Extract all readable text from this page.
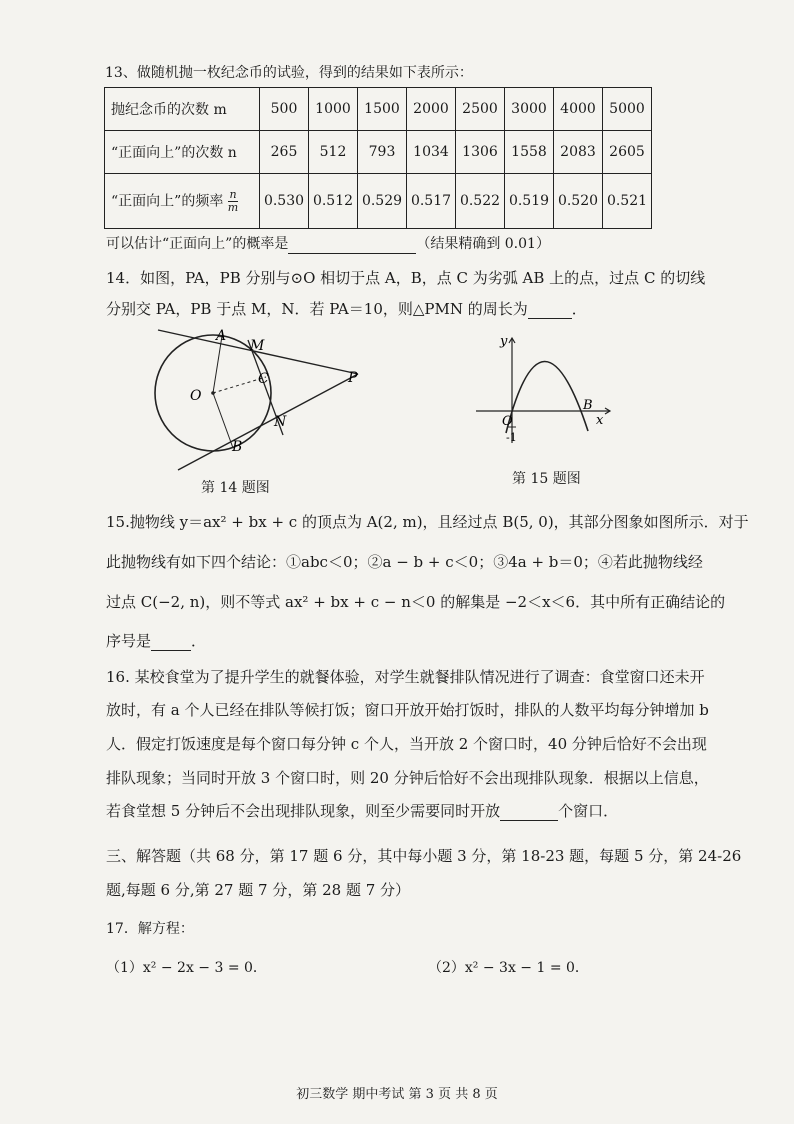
13、做随机抛一枚纪念币的试验，得到的结果如下表所示：
抛纪念币的次数 m	500	1000	1500	2000	2500	3000	4000	5000
“正面向上”的次数 n	265	512	793	1034	1306	1558	2083	2605
“正面向上”的频率 $\frac{n}{m}$	0.530	0.512	0.529	0.517	0.522	0.519	0.520	0.521
可以估计“正面向上”的概率是	（结果精确到 0.01）
14．如图，PA，PB 分别与⊙O 相切于点 A，B，点 C 为劣弧 AB 上的点，过点 C 的切线
分别交 PA，PB 于点 M，N．若 PA＝10，则△PMN 的周长为	．
A
M
O
C	P
N
B
第 14 题图
y
O
B
x
-1
第 15 题图
15.抛物线 y＝ax² + bx + c 的顶点为 A(2, m)，且经过点 B(5, 0)，其部分图象如图所示．对于
此抛物线有如下四个结论：①abc＜0；②a − b + c＜0；③4a + b＝0；④若此抛物线经
过点 C(−2, n)，则不等式 ax² + bx + c − n＜0 的解集是 −2＜x＜6．其中所有正确结论的
序号是	．
16. 某校食堂为了提升学生的就餐体验，对学生就餐排队情况进行了调查：食堂窗口还未开
放时，有 a 个人已经在排队等候打饭；窗口开放开始打饭时，排队的人数平均每分钟增加 b
人．假定打饭速度是每个窗口每分钟 c 个人，当开放 2 个窗口时，40 分钟后恰好不会出现
排队现象；当同时开放 3 个窗口时，则 20 分钟后恰好不会出现排队现象．根据以上信息，
若食堂想 5 分钟后不会出现排队现象，则至少需要同时开放	个窗口．
三、解答题（共 68 分，第 17 题 6 分，其中每小题 3 分，第 18-23 题，每题 5 分，第 24-26
题,每题 6 分,第 27 题 7 分，第 28 题 7 分）
17．解方程：
（1）x² − 2x − 3 = 0．	（2）x² − 3x − 1 = 0．
初三数学 期中考试 第 3 页 共 8 页
